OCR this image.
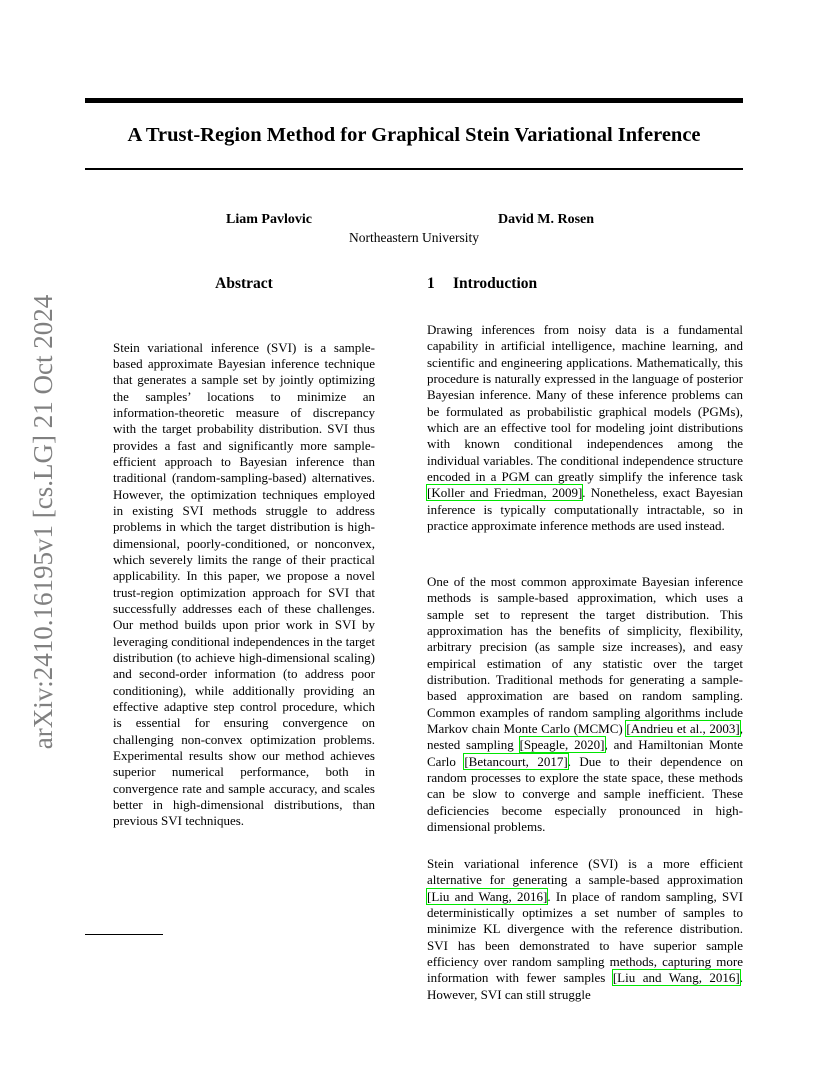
A Trust-Region Method for Graphical Stein Variational Inference
Liam Pavlovic	David M. Rosen
Northeastern University
arXiv:2410.16195v1 [cs.LG] 21 Oct 2024
Abstract

Stein variational inference (SVI) is a sample-based approximate Bayesian inference technique that generates a sample set by jointly optimizing the samples’ locations to minimize an information-theoretic measure of discrepancy with the target probability distribution. SVI thus provides a fast and significantly more sample-efficient approach to Bayesian inference than traditional (random-sampling-based) alternatives. However, the optimization techniques employed in existing SVI methods struggle to address problems in which the target distribution is high-dimensional, poorly-conditioned, or nonconvex, which severely limits the range of their practical applicability. In this paper, we propose a novel trust-region optimization approach for SVI that successfully addresses each of these challenges. Our method builds upon prior work in SVI by leveraging conditional independences in the target distribution (to achieve high-dimensional scaling) and second-order information (to address poor conditioning), while additionally providing an effective adaptive step control procedure, which is essential for ensuring convergence on challenging non-convex optimization problems. Experimental results show our method achieves superior numerical performance, both in convergence rate and sample accuracy, and scales better in high-dimensional distributions, than previous SVI techniques.

1 Introduction

Drawing inferences from noisy data is a fundamental capability in artificial intelligence, machine learning, and scientific and engineering applications. Mathematically, this procedure is naturally expressed in the language of posterior Bayesian inference. Many of these inference problems can be formulated as probabilistic graphical models (PGMs), which are an effective tool for modeling joint distributions with known conditional independences among the individual variables. The conditional independence structure encoded in a PGM can greatly simplify the inference task [Koller and Friedman, 2009]. Nonetheless, exact Bayesian inference is typically computationally intractable, so in practice approximate inference methods are used instead.

One of the most common approximate Bayesian inference methods is sample-based approximation, which uses a sample set to represent the target distribution. This approximation has the benefits of simplicity, flexibility, arbitrary precision (as sample size increases), and easy empirical estimation of any statistic over the target distribution. Traditional methods for generating a sample-based approximation are based on random sampling. Common examples of random sampling algorithms include Markov chain Monte Carlo (MCMC) [Andrieu et al., 2003], nested sampling [Speagle, 2020], and Hamiltonian Monte Carlo [Betancourt, 2017]. Due to their dependence on random processes to explore the state space, these methods can be slow to converge and sample inefficient. These deficiencies become especially pronounced in high-dimensional problems.

Stein variational inference (SVI) is a more efficient alternative for generating a sample-based approximation [Liu and Wang, 2016]. In place of random sampling, SVI deterministically optimizes a set number of samples to minimize KL divergence with the reference distribution. SVI has been demonstrated to have superior sample efficiency over random sampling methods, capturing more information with fewer samples [Liu and Wang, 2016]. However, SVI can still struggle
